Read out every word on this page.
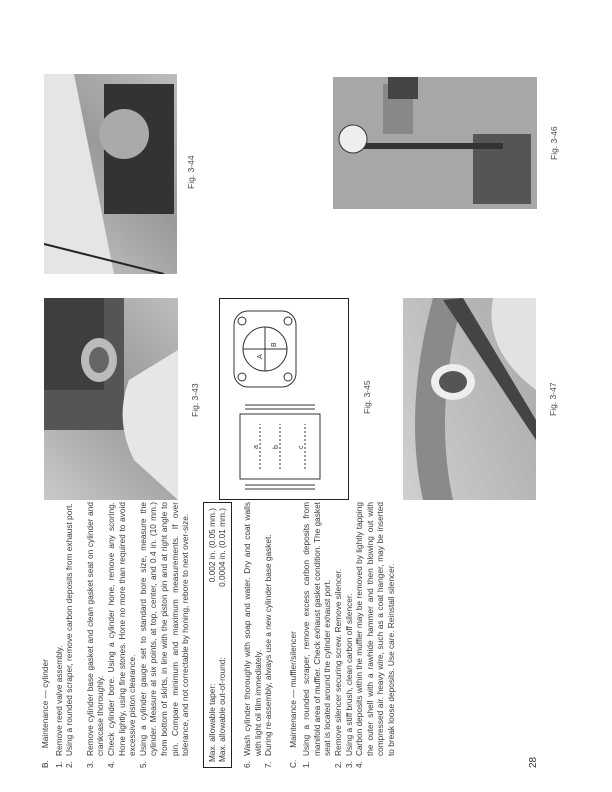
B.
Maintenance — cylinder
1.
Remove reed valve assembly.
2.
Using a rounded scraper, remove carbon deposits from exhaust port.
3.
Remove cylinder base gasket and clean gasket seat on cylinder and crankcase thoroughly.
4.
Check cylinder bore. Using a cylinder hone, remove any scoring. Hone lightly, using fine stones. Hone no more than required to avoid excessive piston clearance.
5.
Using a cylinder gauge set to standard bore size, measure the cylinder. Measure at six points, at top, center, and 0.4 in. (10 mm.) from bottom of skirts, in line with the piston pin and at right angle to pin. Compare minimum and maximum measurements. If over tolerance, and not correctable by honing, rebore to next over-size. Max. allowable taper:
0.002 in. (0.05 mm.)
Max. allowable out-of-round:
0.0004 in. (0.01 mm.)
6.
Wash cylinder thoroughly with soap and water. Dry and coat walls with light oil film immediately.
7.
During re-assembly, always use a new cylinder base gasket.
C.
Maintenance — muffler/silencer
1.
Using a rounded scraper, remove excess carbon deposits from manifold area of muffler. Check exhaust gasket condition. The gasket seat is located around the cylinder exhaust port.
2.
Remove silencer securing screw. Remove silencer.
3.
Using a stiff brush, clean carbon off silencer.
4.
Carbon deposits within the muffler may be removed by lightly tapping the outer shell with a rawhide hammer and then blowing out with compressed air. heavy wire, such as a coat hanger, may be inserted to break loose deposits. Use care. Reinstall silencer.
28
Fig. 3-43
a b	c
A
B
Fig. 3-45	Fig. 3-47
Fig. 3-44
Fig. 3-46
